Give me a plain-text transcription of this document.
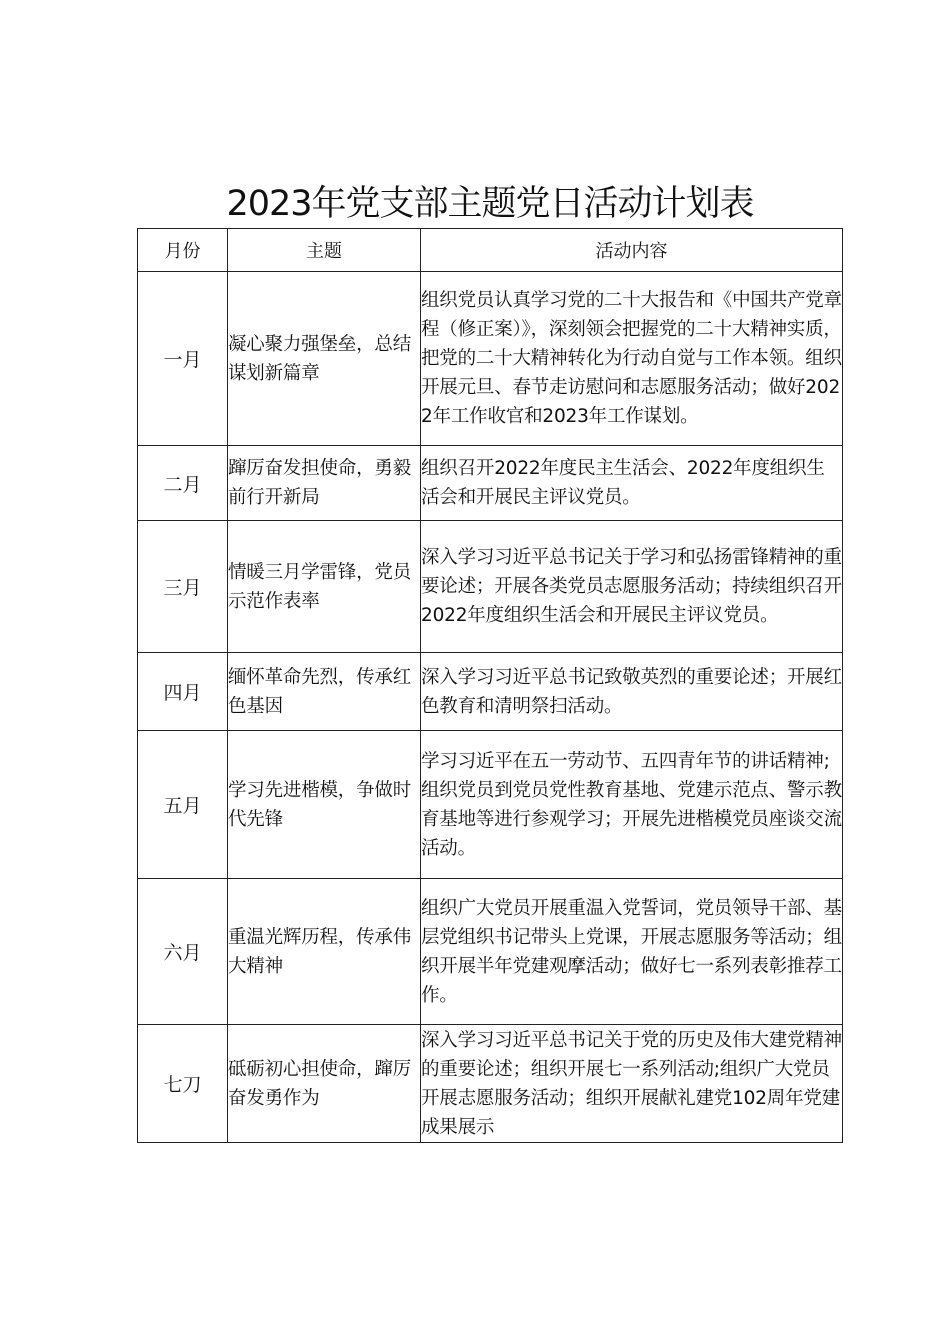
2023年党支部主题党日活动计划表
月份	主题	活动内容
一月	凝心聚力强堡垒，总结谋划新篇章	组织党员认真学习党的二十大报告和《中国共产党章程（修正案）》，深刻领会把握党的二十大精神实质，把党的二十大精神转化为行动自觉与工作本领。组织开展元旦、春节走访慰问和志愿服务活动；做好2022年工作收官和2023年工作谋划。
二月	蹿厉奋发担使命，勇毅前行开新局	组织召开2022年度民主生活会、2022年度组织生活会和开展民主评议党员。
三月	情暖三月学雷锋，党员示范作表率	深入学习习近平总书记关于学习和弘扬雷锋精神的重要论述；开展各类党员志愿服务活动；持续组织召开2022年度组织生活会和开展民主评议党员。
四月	缅怀革命先烈，传承红色基因	深入学习习近平总书记致敬英烈的重要论述；开展红色教育和清明祭扫活动。
五月	学习先进楷模，争做时代先锋	学习习近平在五一劳动节、五四青年节的讲话精神;组织党员到党员党性教育基地、党建示范点、警示教育基地等进行参观学习；开展先进楷模党员座谈交流活动。
六月	重温光辉历程，传承伟大精神	组织广大党员开展重温入党誓词，党员领导干部、基层党组织书记带头上党课，开展志愿服务等活动；组织开展半年党建观摩活动；做好七一系列表彰推荐工作。
七刀	砥砺初心担使命，蹿厉奋发勇作为	深入学习习近平总书记关于党的历史及伟大建党精神的重要论述；组织开展七一系列活动;组织广大党员开展志愿服务活动；组织开展献礼建党102周年党建成果展示
